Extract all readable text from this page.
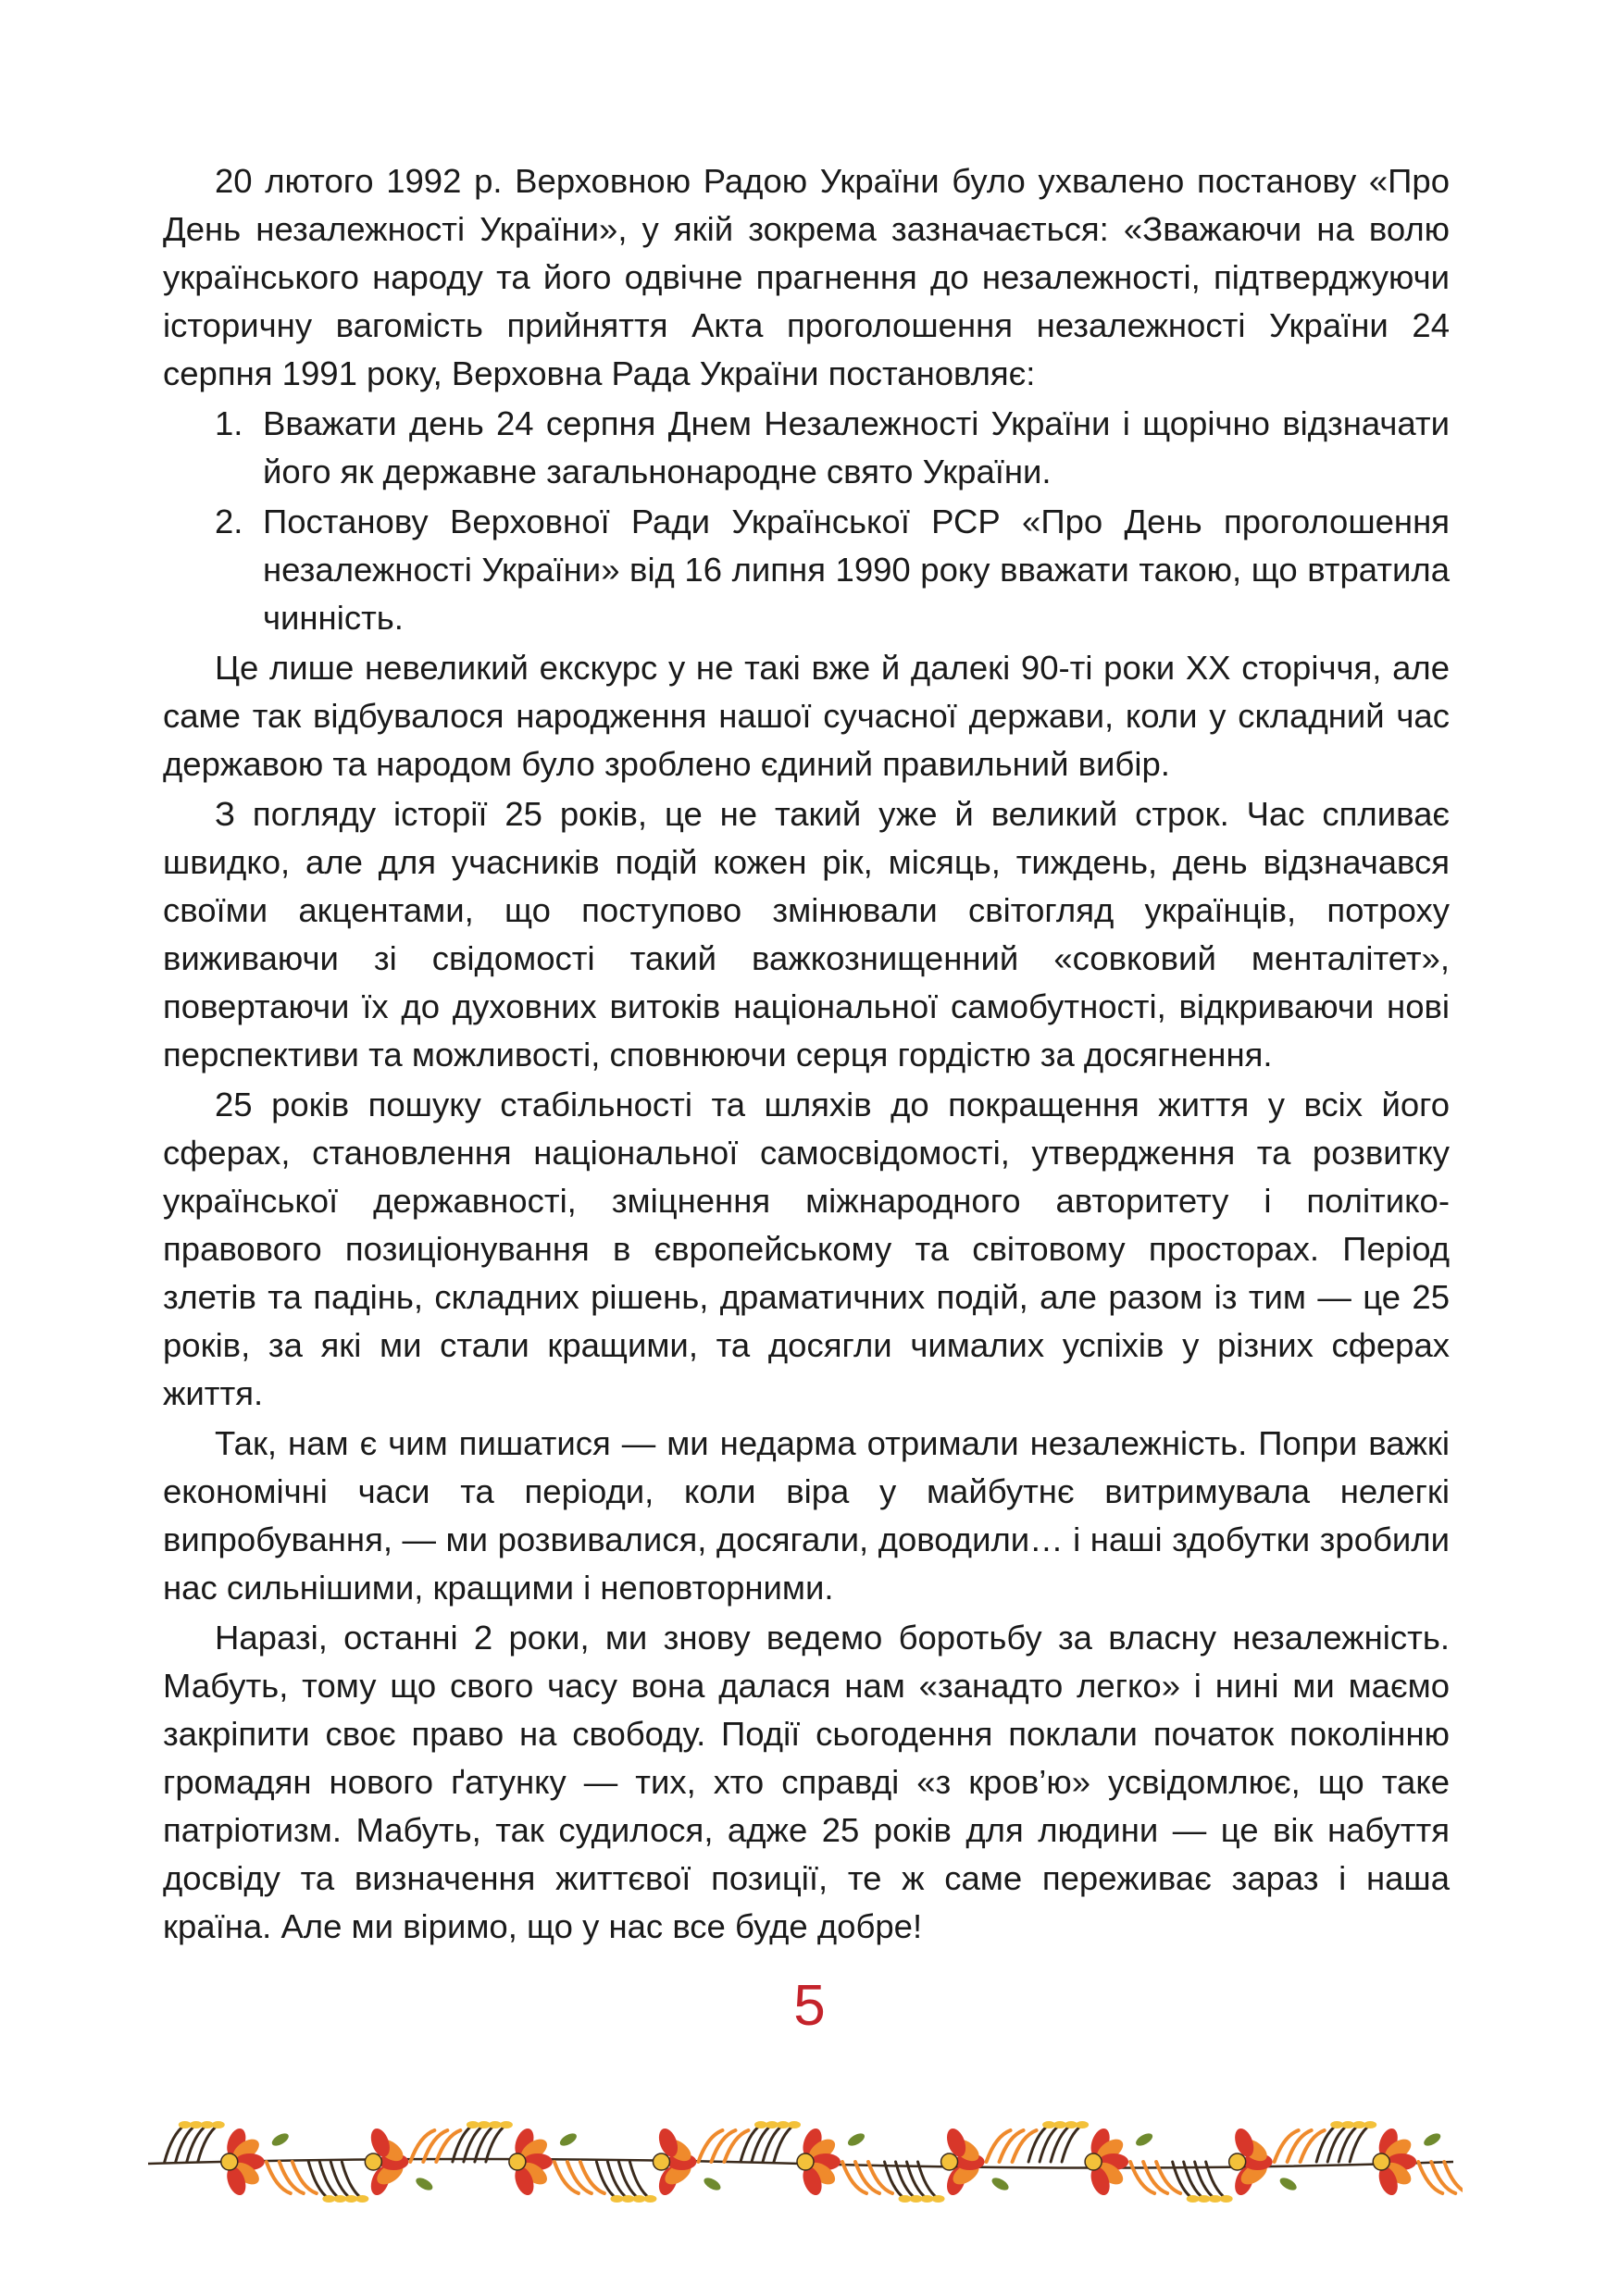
20 лютого 1992 р. Верховною Радою України було ухвалено постанову «Про День незалежності України», у якій зокрема зазначається: «Зважаючи на волю українського народу та його одвічне прагнення до незалежності, підтверджуючи історичну вагомість прийняття Акта проголошення незалежності України 24 серпня 1991 року, Верховна Рада України постановляє:

1. Вважати день 24 серпня Днем Незалежності України і щорічно відзначати його як державне загальнонародне свято України.
2. Постанову Верховної Ради Української РСР «Про День проголошення незалежності України» від 16 липня 1990 року вважати такою, що втратила чинність.

Це лише невеликий екскурс у не такі вже й далекі 90-ті роки XX сторіччя, але саме так відбувалося народження нашої сучасної держави, коли у складний час державою та народом було зроблено єдиний правильний вибір.

З погляду історії 25 років, це не такий уже й великий строк. Час спливає швидко, але для учасників подій кожен рік, місяць, тиждень, день відзначався своїми акцентами, що поступово змінювали світогляд українців, потроху виживаючи зі свідомості такий важкознищенний «совковий менталітет», повертаючи їх до духовних витоків національної самобутності, відкриваючи нові перспективи та можливості, сповнюючи серця гордістю за досягнення.

25 років пошуку стабільності та шляхів до покращення життя у всіх його сферах, становлення національної самосвідомості, утвердження та розвитку української державності, зміцнення міжнародного авторитету і політико-правового позиціонування в європейському та світовому просторах. Період злетів та падінь, складних рішень, драматичних подій, але разом із тим — це 25 років, за які ми стали кращими, та досягли чималих успіхів у різних сферах життя.

Так, нам є чим пишатися — ми недарма отримали незалежність. Попри важкі економічні часи та періоди, коли віра у майбутнє витримувала нелегкі випробування, — ми розвивалися, досягали, доводили… і наші здобутки зробили нас сильнішими, кращими і неповторними.

Наразі, останні 2 роки, ми знову ведемо боротьбу за власну незалежність. Мабуть, тому що свого часу вона далася нам «занадто легко» і нині ми маємо закріпити своє право на свободу. Події сьогодення поклали початок поколінню громадян нового ґатунку — тих, хто справді «з кров’ю» усвідомлює, що таке патріотизм. Мабуть, так судилося, адже 25 років для людини — це вік набуття досвіду та визначення життєвої позиції, те ж саме переживає зараз і наша країна. Але ми віримо, що у нас все буде добре!

5
